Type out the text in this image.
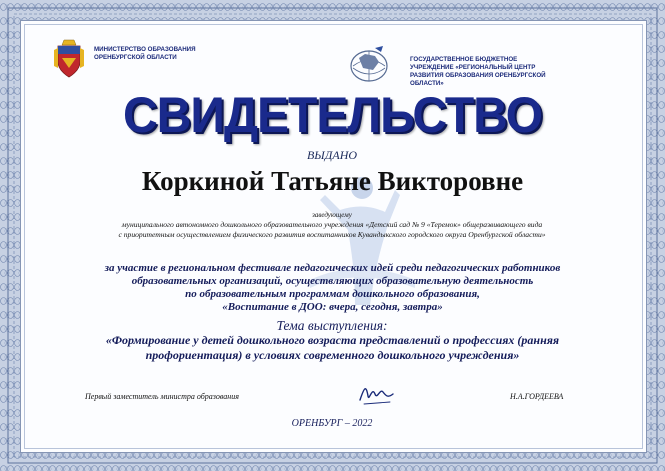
МИНИСТЕРСТВО ОБРАЗОВАНИЯ
ОРЕНБУРГСКОЙ ОБЛАСТИ	ГОСУДАРСТВЕННОЕ БЮДЖЕТНОЕ
УЧРЕЖДЕНИЕ «РЕГИОНАЛЬНЫЙ ЦЕНТР
РАЗВИТИЯ ОБРАЗОВАНИЯ ОРЕНБУРГСКОЙ
ОБЛАСТИ»
СВИДЕТЕЛЬСТВО
ВЫДАНО
Коркиной Татьяне Викторовне
заведующему
муниципального автономного дошкольного образовательного учреждения «Детский сад № 9 «Теремок» общеразвивающего вида
с приоритетным осуществлением физического развития воспитанников Кувандыкского городского округа Оренбургской области»
за участие в региональном фестивале педагогических идей среди педагогических работников
образовательных организаций, осуществляющих образовательную деятельность
по образовательным программам дошкольного образования,
«Воспитание в ДОО: вчера, сегодня, завтра»
Тема выступления:
«Формирование у детей дошкольного возраста представлений о профессиях (ранняя
профориентация) в условиях современного дошкольного учреждения»
Первый заместитель министра образования	Н.А.ГОРДЕЕВА
ОРЕНБУРГ – 2022
